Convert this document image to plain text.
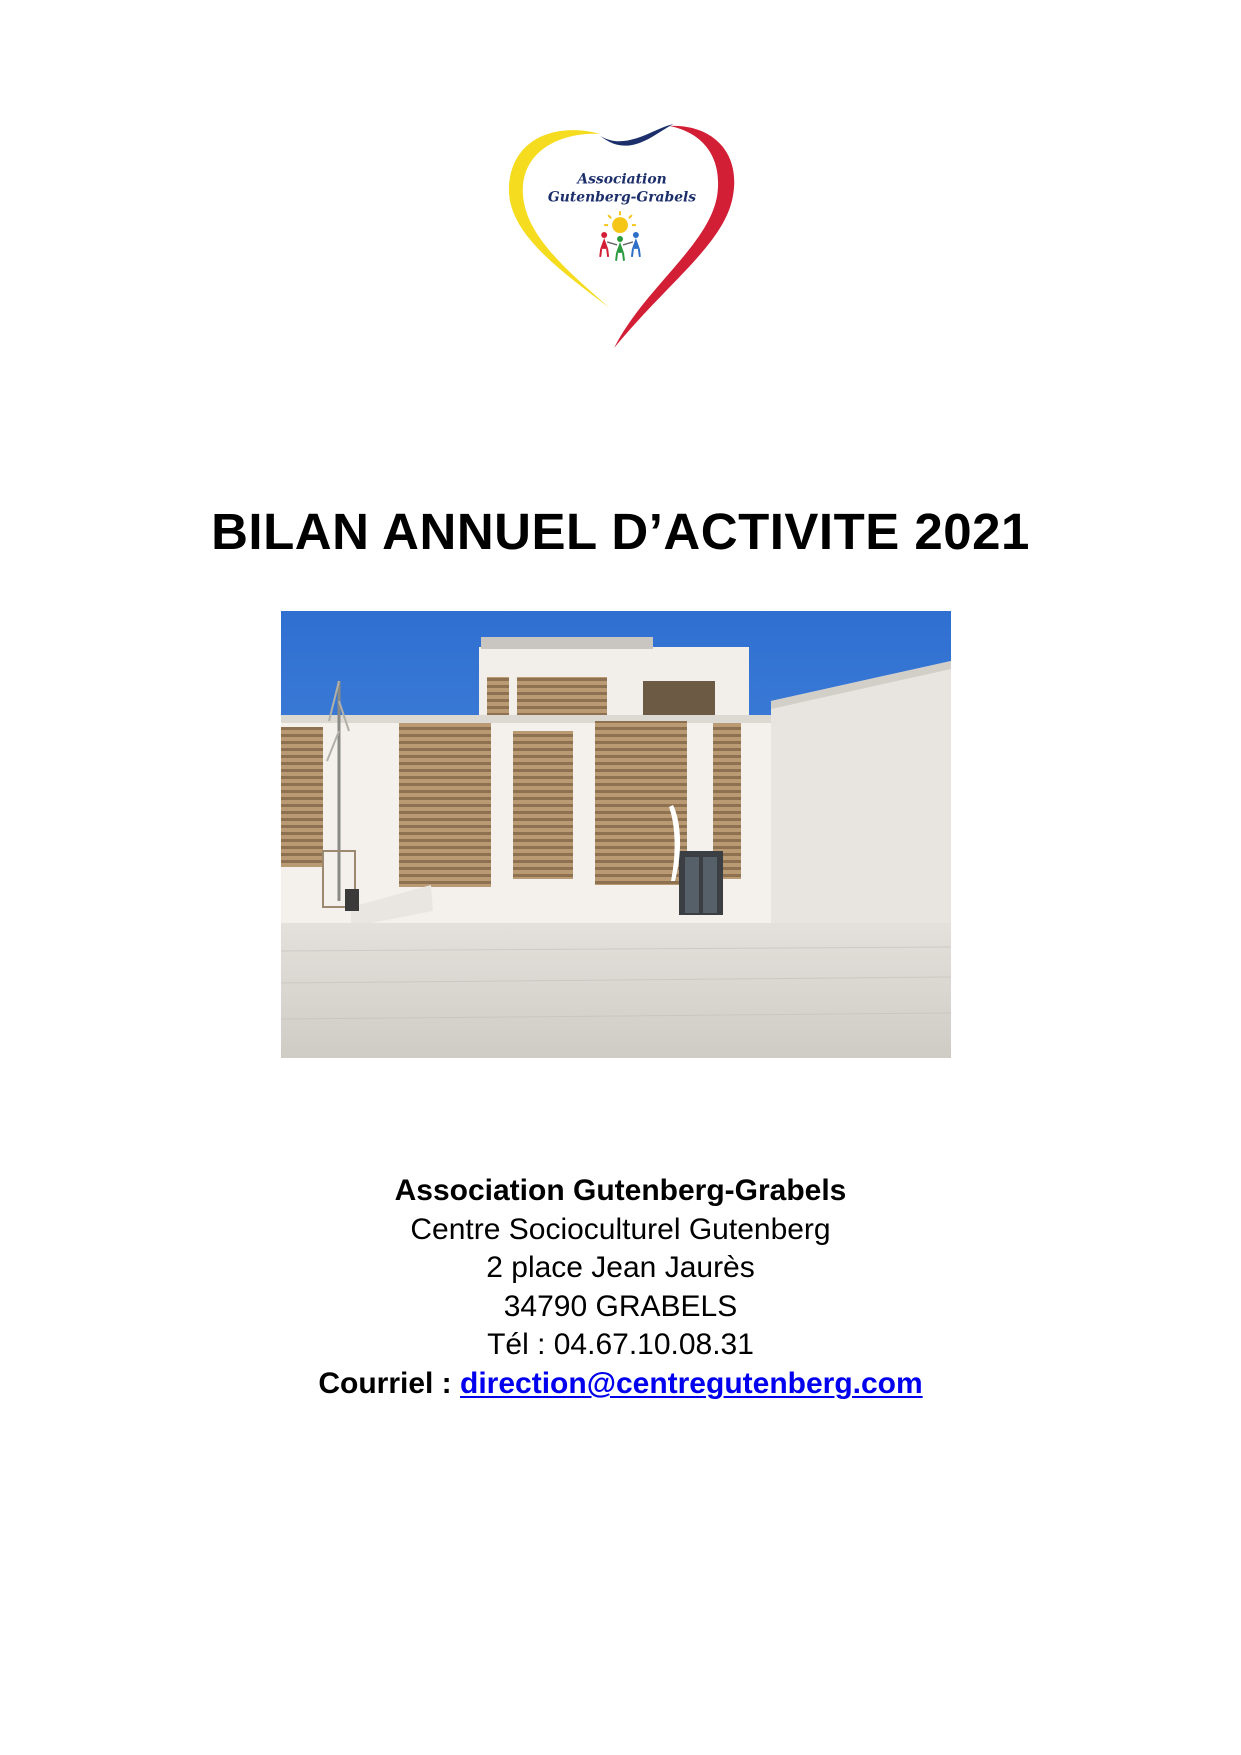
Association
Gutenberg-Grabels
BILAN ANNUEL D’ACTIVITE 2021
Association Gutenberg-Grabels
Centre Socioculturel Gutenberg
2 place Jean Jaurès
34790 GRABELS
Tél : 04.67.10.08.31
Courriel : direction@centregutenberg.com
